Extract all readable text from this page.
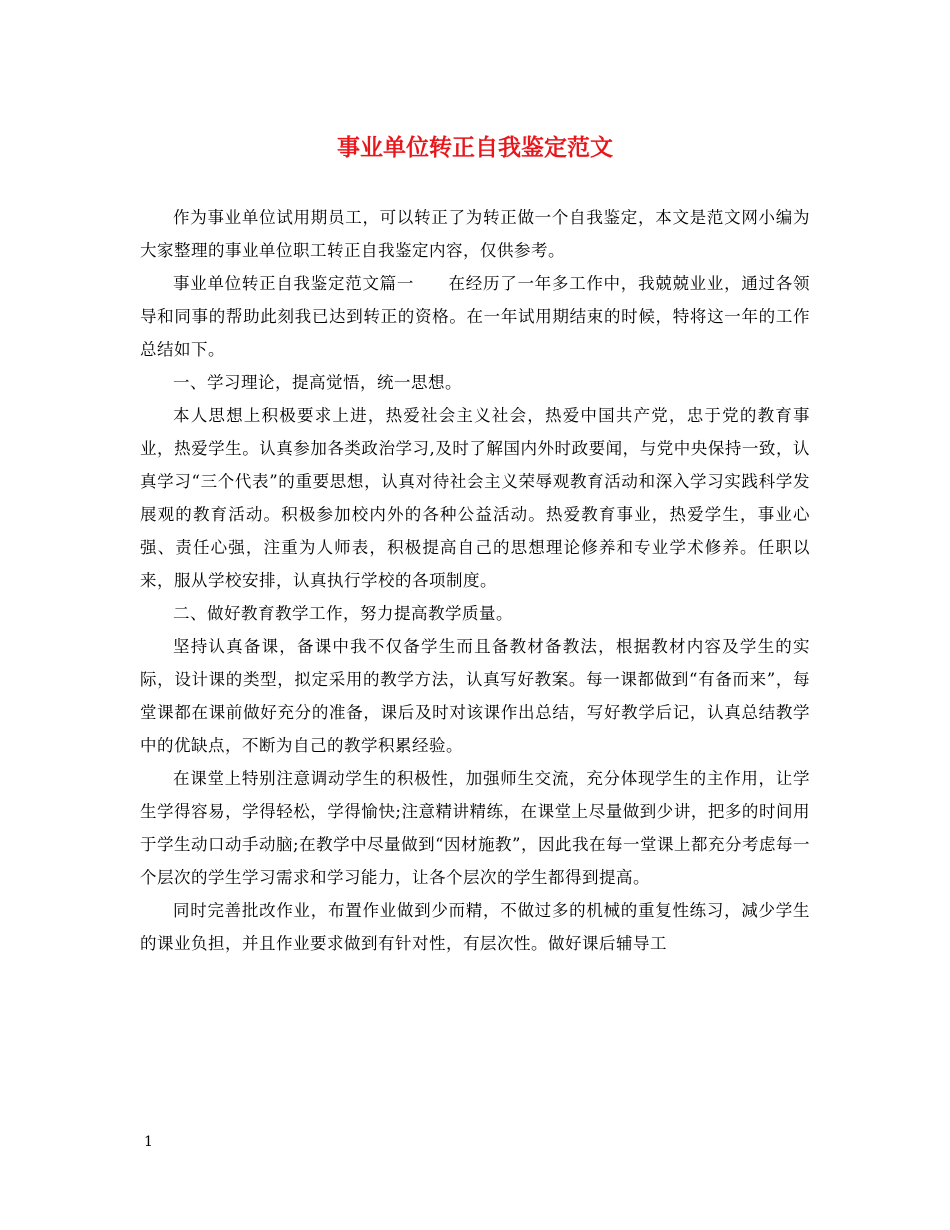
事业单位转正自我鉴定范文

作为事业单位试用期员工，可以转正了为转正做一个自我鉴定，本文是范文网小编为大家整理的事业单位职工转正自我鉴定内容，仅供参考。

事业单位转正自我鉴定范文篇一　　在经历了一年多工作中，我兢兢业业，通过各领导和同事的帮助此刻我已达到转正的资格。在一年试用期结束的时候，特将这一年的工作总结如下。

一、学习理论，提高觉悟，统一思想。

本人思想上积极要求上进，热爱社会主义社会，热爱中国共产党，忠于党的教育事业，热爱学生。认真参加各类政治学习,及时了解国内外时政要闻，与党中央保持一致，认真学习“三个代表”的重要思想，认真对待社会主义荣辱观教育活动和深入学习实践科学发展观的教育活动。积极参加校内外的各种公益活动。热爱教育事业，热爱学生，事业心强、责任心强，注重为人师表，积极提高自己的思想理论修养和专业学术修养。任职以来，服从学校安排，认真执行学校的各项制度。

二、做好教育教学工作，努力提高教学质量。

坚持认真备课，备课中我不仅备学生而且备教材备教法，根据教材内容及学生的实际，设计课的类型，拟定采用的教学方法，认真写好教案。每一课都做到“有备而来”，每堂课都在课前做好充分的准备，课后及时对该课作出总结，写好教学后记，认真总结教学中的优缺点，不断为自己的教学积累经验。

在课堂上特别注意调动学生的积极性，加强师生交流，充分体现学生的主作用，让学生学得容易，学得轻松，学得愉快;注意精讲精练，在课堂上尽量做到少讲，把多的时间用于学生动口动手动脑;在教学中尽量做到“因材施教”，因此我在每一堂课上都充分考虑每一个层次的学生学习需求和学习能力，让各个层次的学生都得到提高。

同时完善批改作业，布置作业做到少而精，不做过多的机械的重复性练习，减少学生的课业负担，并且作业要求做到有针对性，有层次性。做好课后辅导工

1
